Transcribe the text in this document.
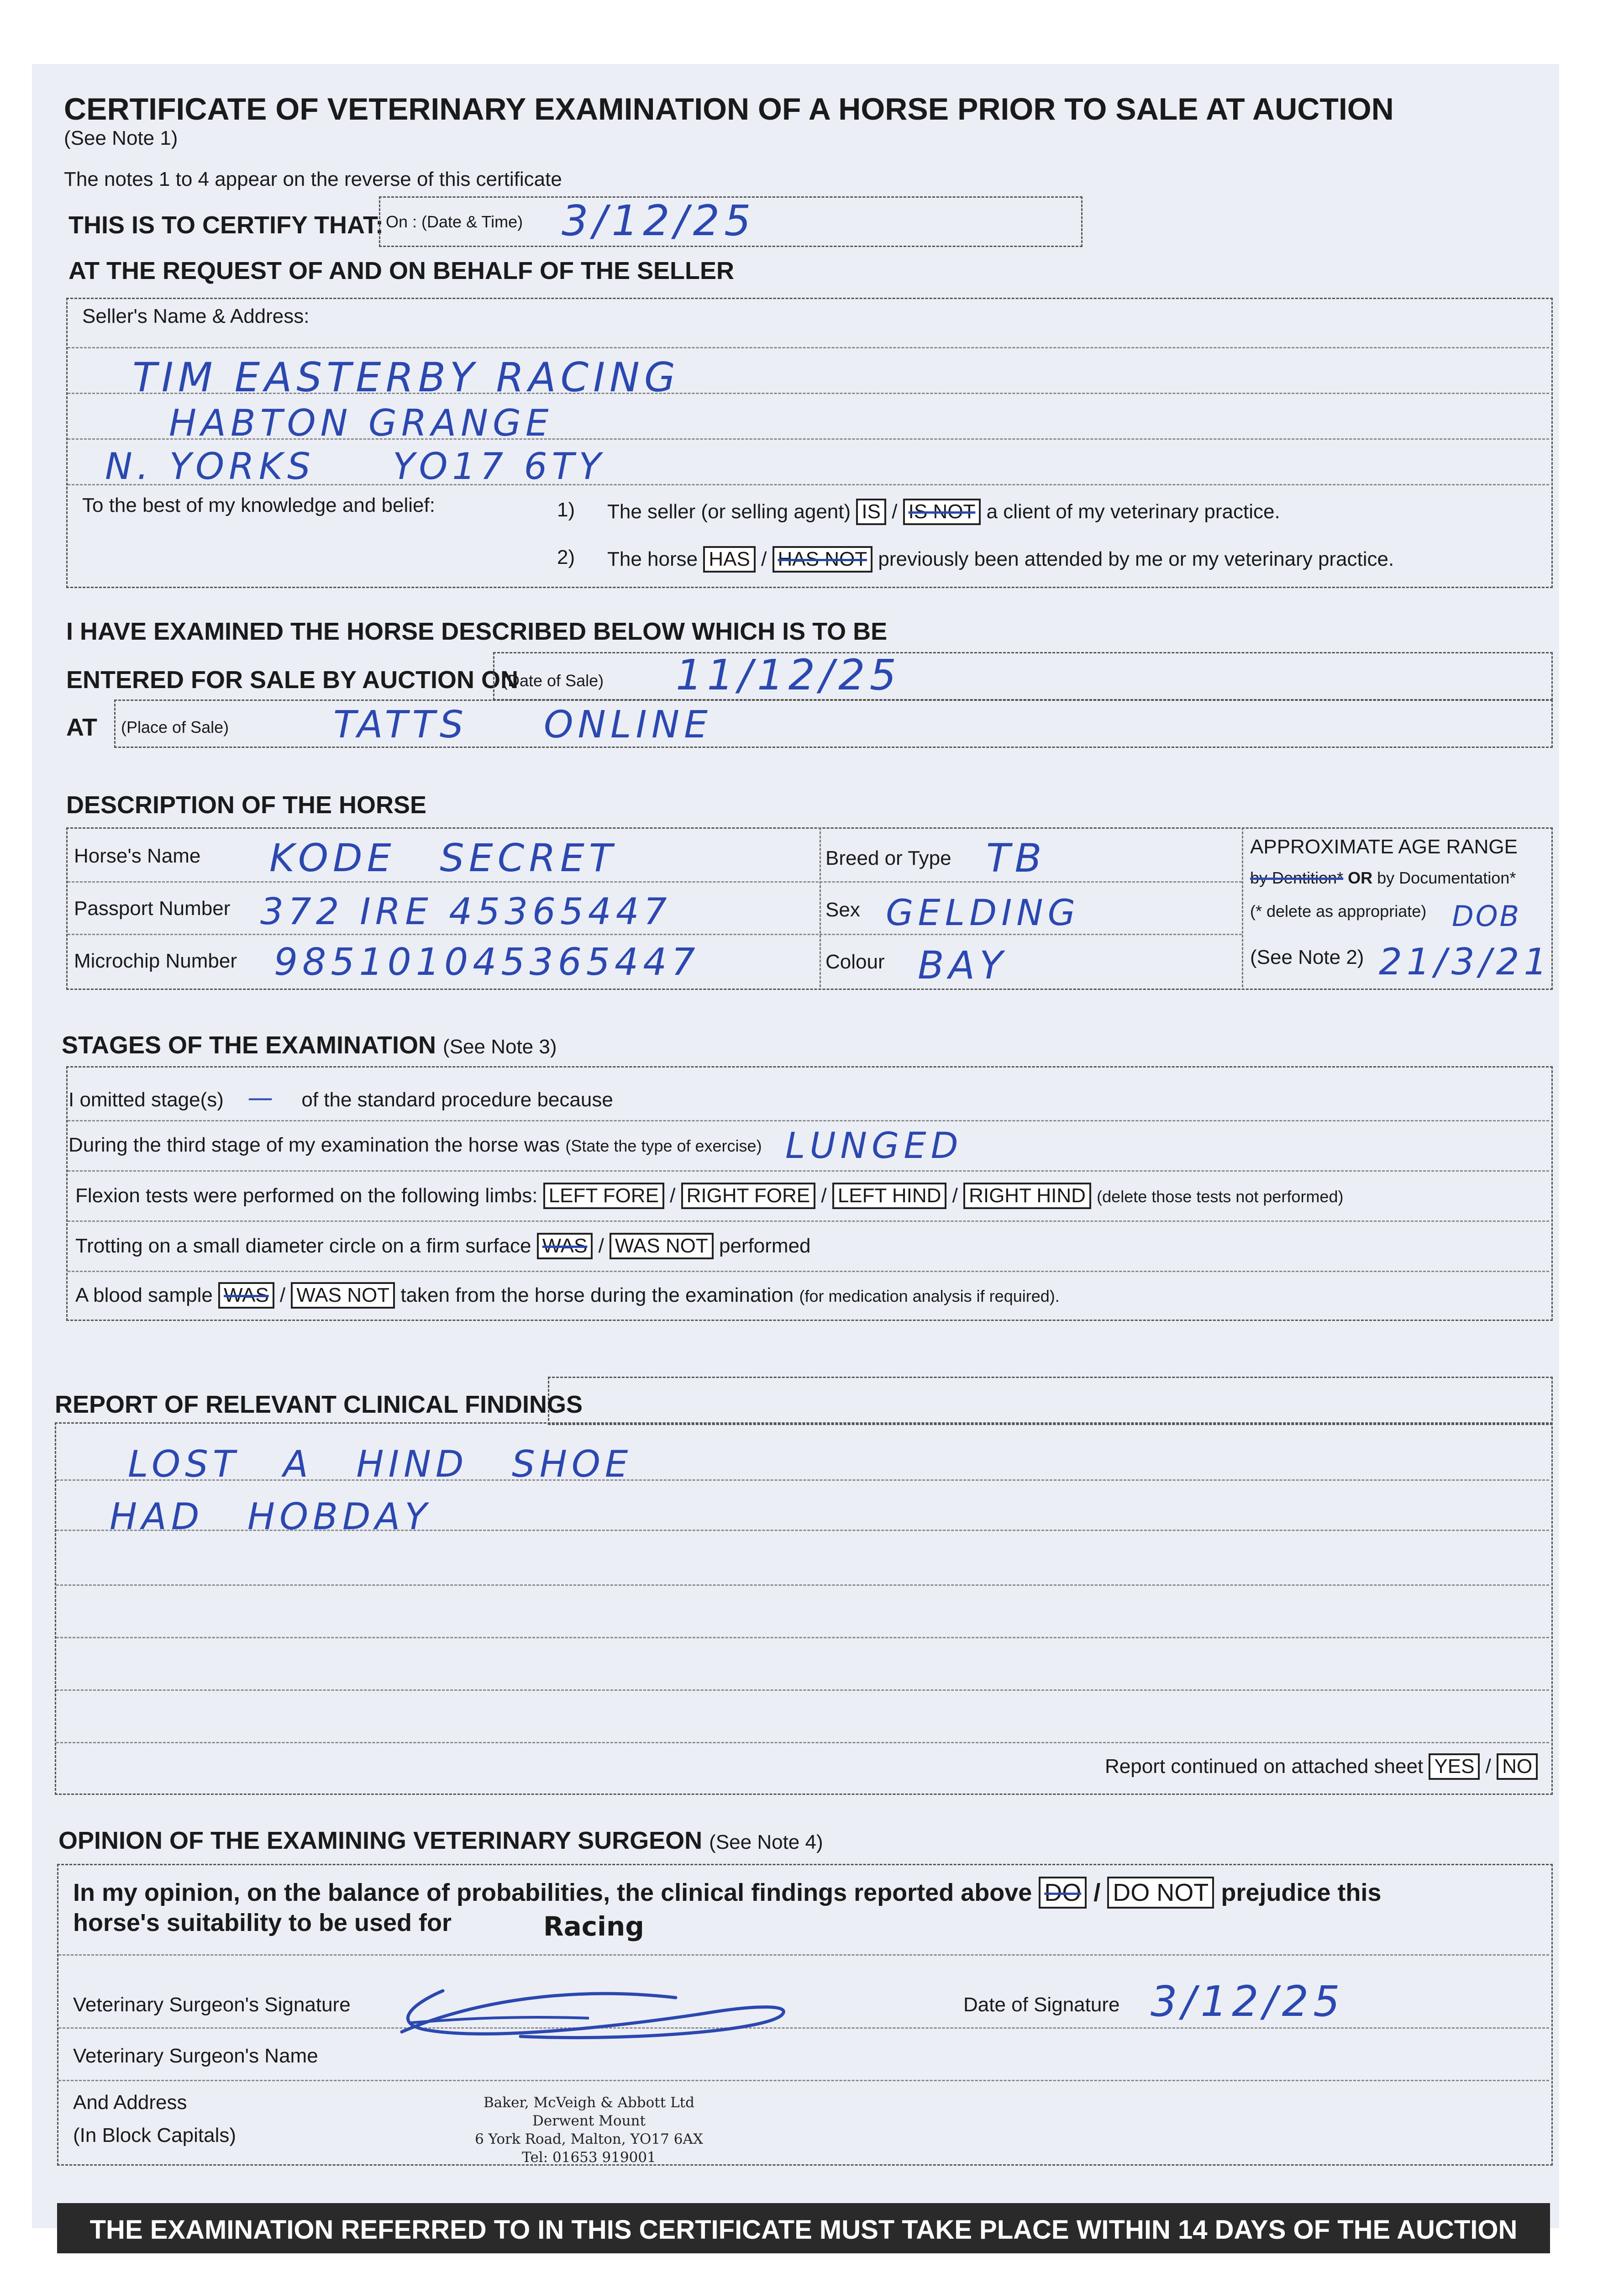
CERTIFICATE OF VETERINARY EXAMINATION OF A HORSE PRIOR TO SALE AT AUCTION
(See Note 1)
The notes 1 to 4 appear on the reverse of this certificate
THIS IS TO CERTIFY THAT: On : (Date & Time) 3/12/25
AT THE REQUEST OF AND ON BEHALF OF THE SELLER
Seller's Name & Address:
TIM EASTERBY RACING
HABTON GRANGE
N. YORKS YO17 6TY
To the best of my knowledge and belief:	1) The seller (or selling agent) IS / IS NOT a client of my veterinary practice.
2) The horse HAS / HAS NOT previously been attended by me or my veterinary practice.
I HAVE EXAMINED THE HORSE DESCRIBED BELOW WHICH IS TO BE
ENTERED FOR SALE BY AUCTION ON
(Date of Sale) 11/12/25
AT (Place of Sale)	TATTS ONLINE
DESCRIPTION OF THE HORSE
Horse's Name KODE SECRET
Passport Number 372 IRE 45365447
Microchip Number 985101045365447
Breed or Type TB
Sex GELDING
Colour BAY
APPROXIMATE AGE RANGE
by Dentition* OR by Documentation*
(* delete as appropriate) DOB
(See Note 2) 21/3/21
STAGES OF THE EXAMINATION (See Note 3)
I omitted stage(s) — of the standard procedure because
During the third stage of my examination the horse was (State the type of exercise) LUNGED
Flexion tests were performed on the following limbs: LEFT FORE / RIGHT FORE / LEFT HIND / RIGHT HIND (delete those tests not performed)
Trotting on a small diameter circle on a firm surface WAS / WAS NOT performed
A blood sample WAS / WAS NOT taken from the horse during the examination (for medication analysis if required).
REPORT OF RELEVANT CLINICAL FINDINGS
LOST A HIND SHOE
HAD HOBDAY
Report continued on attached sheet YES / NO
OPINION OF THE EXAMINING VETERINARY SURGEON (See Note 4)
In my opinion, on the balance of probabilities, the clinical findings reported above DO / DO NOT prejudice this
horse's suitability to be used for	Racing
Veterinary Surgeon's Signature	Date of Signature 3/12/25
Veterinary Surgeon's Name
And Address
(In Block Capitals)
Baker, McVeigh & Abbott Ltd
Derwent Mount
6 York Road, Malton, YO17 6AX
Tel: 01653 919001
THE EXAMINATION REFERRED TO IN THIS CERTIFICATE MUST TAKE PLACE WITHIN 14 DAYS OF THE AUCTION
